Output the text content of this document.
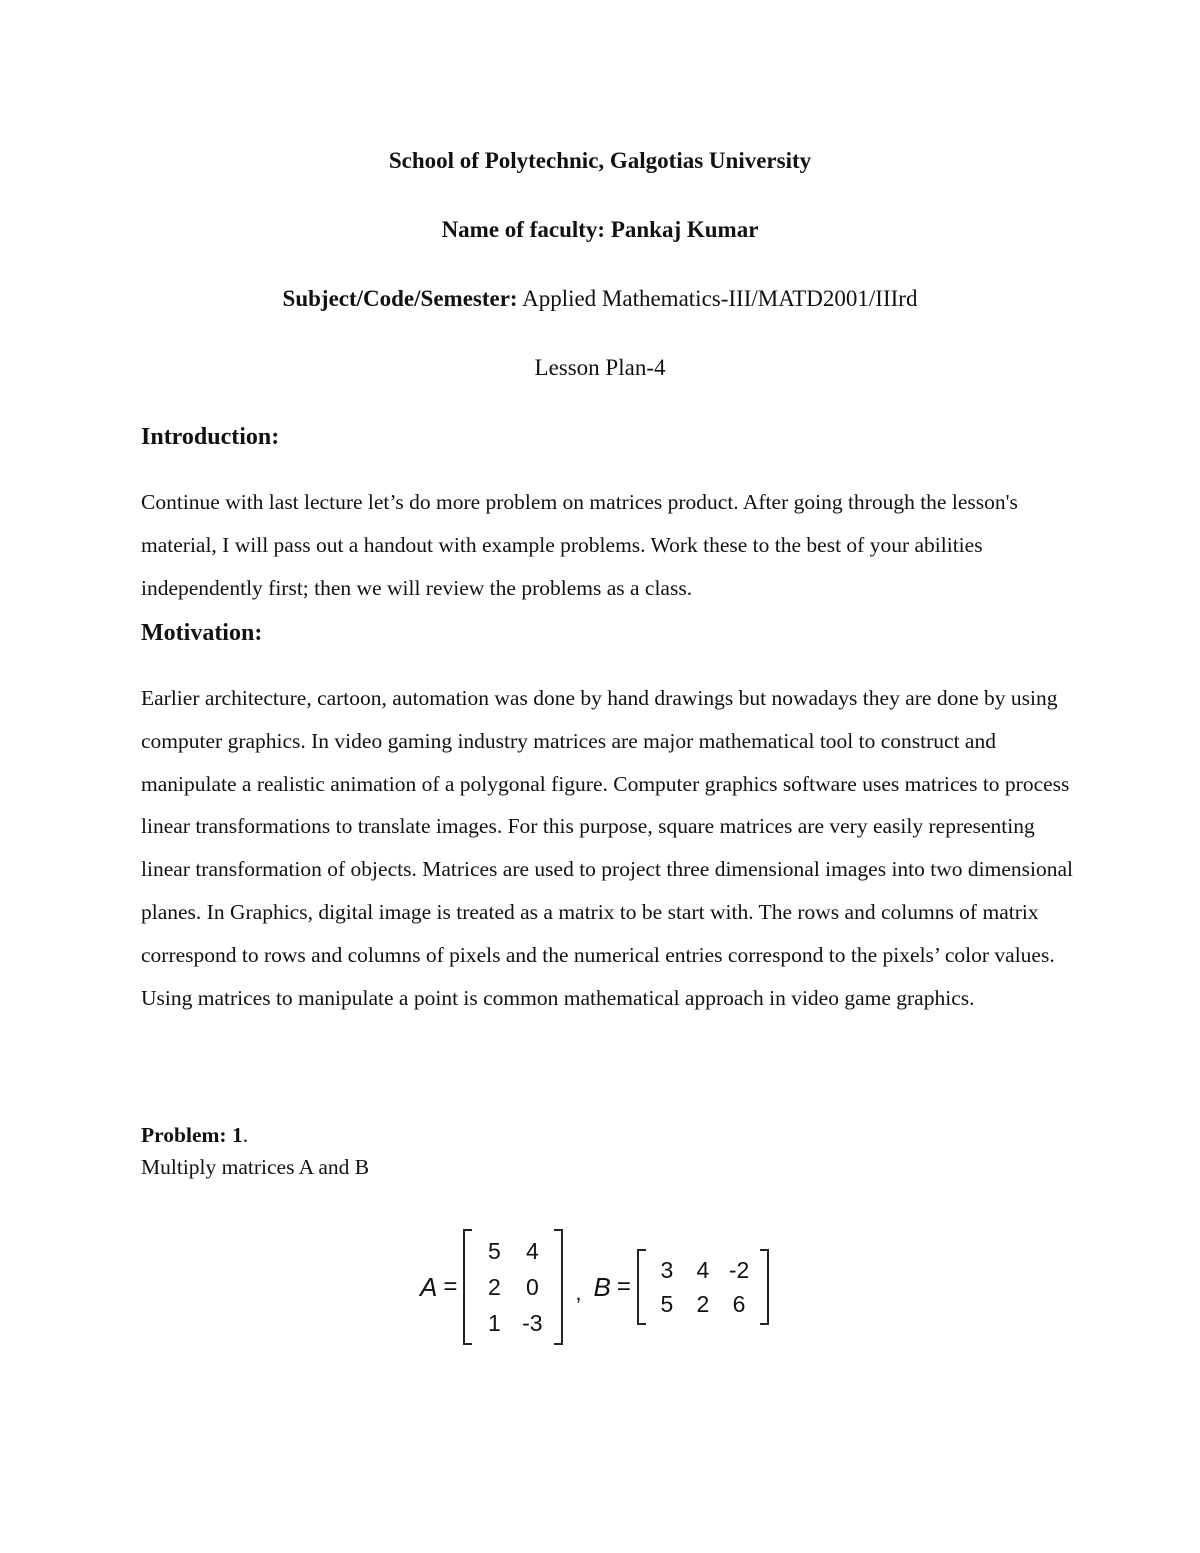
School of Polytechnic, Galgotias University
Name of faculty: Pankaj Kumar
Subject/Code/Semester: Applied Mathematics-III/MATD2001/IIIrd
Lesson Plan-4
Introduction:

Continue with last lecture let’s do more problem on matrices product. After going through the lesson's material, I will pass out a handout with example problems. Work these to the best of your abilities independently first; then we will review the problems as a class.

Motivation:

Earlier architecture, cartoon, automation was done by hand drawings but nowadays they are done by using computer graphics. In video gaming industry matrices are major mathematical tool to construct and manipulate a realistic animation of a polygonal figure. Computer graphics software uses matrices to process linear transformations to translate images. For this purpose, square matrices are very easily representing linear transformation of objects. Matrices are used to project three dimensional images into two dimensional planes. In Graphics, digital image is treated as a matrix to be start with. The rows and columns of matrix correspond to rows and columns of pixels and the numerical entries correspond to the pixels’ color values. Using matrices to manipulate a point is common mathematical approach in video game graphics.

Problem: 1.
Multiply matrices A and B
A =
5	4
2	0
1	-3
, B =
3	4	-2
5	2	6
